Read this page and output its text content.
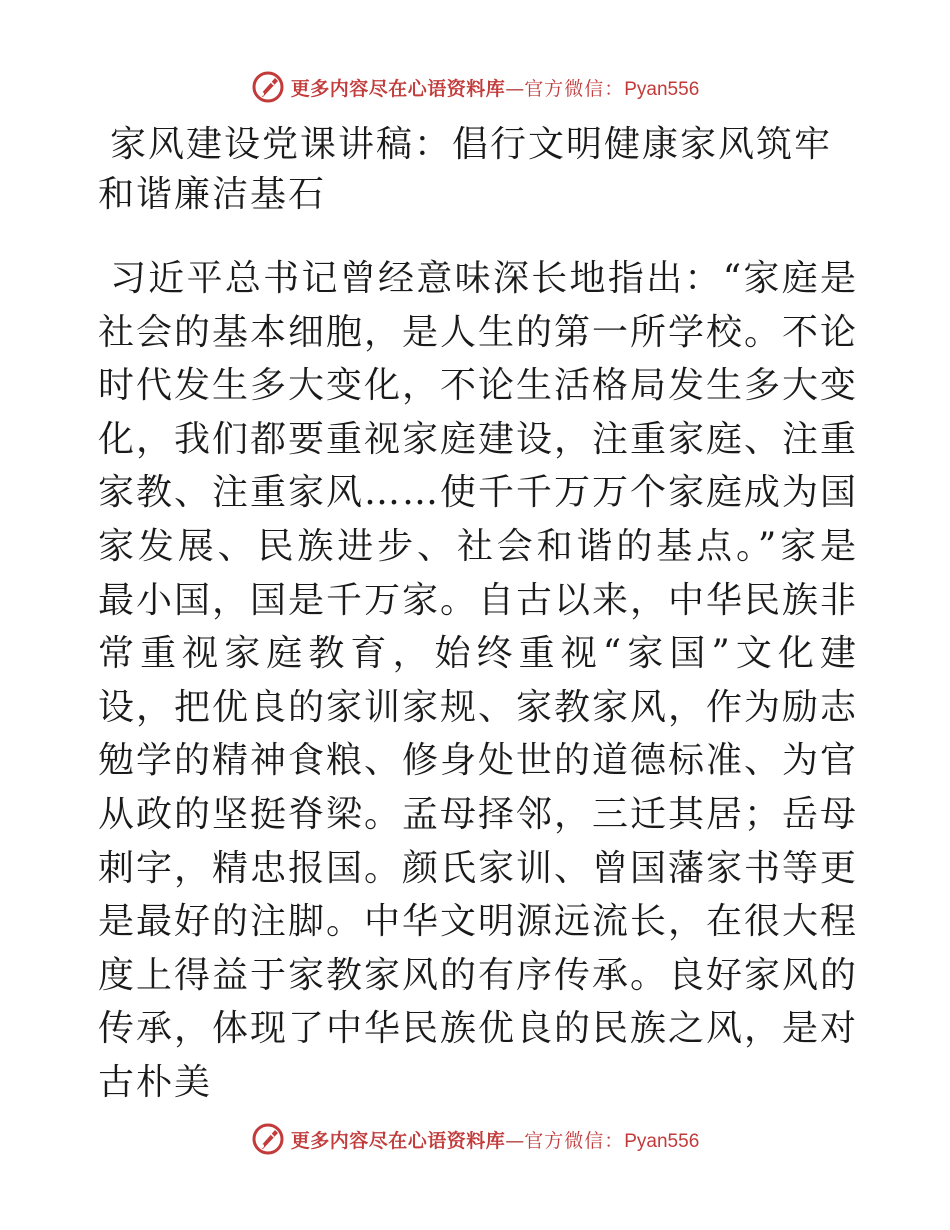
更多内容尽在心语资料库 — 官方微信： Pyan556
家风建设党课讲稿：倡行文明健康家风筑牢和谐廉洁基石

习近平总书记曾经意味深长地指出：“家庭是社会的基本细胞，是人生的第一所学校。不论时代发生多大变化，不论生活格局发生多大变化，我们都要重视家庭建设，注重家庭、注重家教、注重家风……使千千万万个家庭成为国家发展、民族进步、社会和谐的基点。”家是最小国，国是千万家。自古以来，中华民族非常重视家庭教育，始终重视“家国”文化建设，把优良的家训家规、家教家风，作为励志勉学的精神食粮、修身处世的道德标准、为官从政的坚挺脊梁。孟母择邻，三迁其居；岳母刺字，精忠报国。颜氏家训、曾国藩家书等更是最好的注脚。中华文明源远流长，在很大程度上得益于家教家风的有序传承。良好家风的传承，体现了中华民族优良的民族之风，是对古朴美

更多内容尽在心语资料库 — 官方微信： Pyan556
